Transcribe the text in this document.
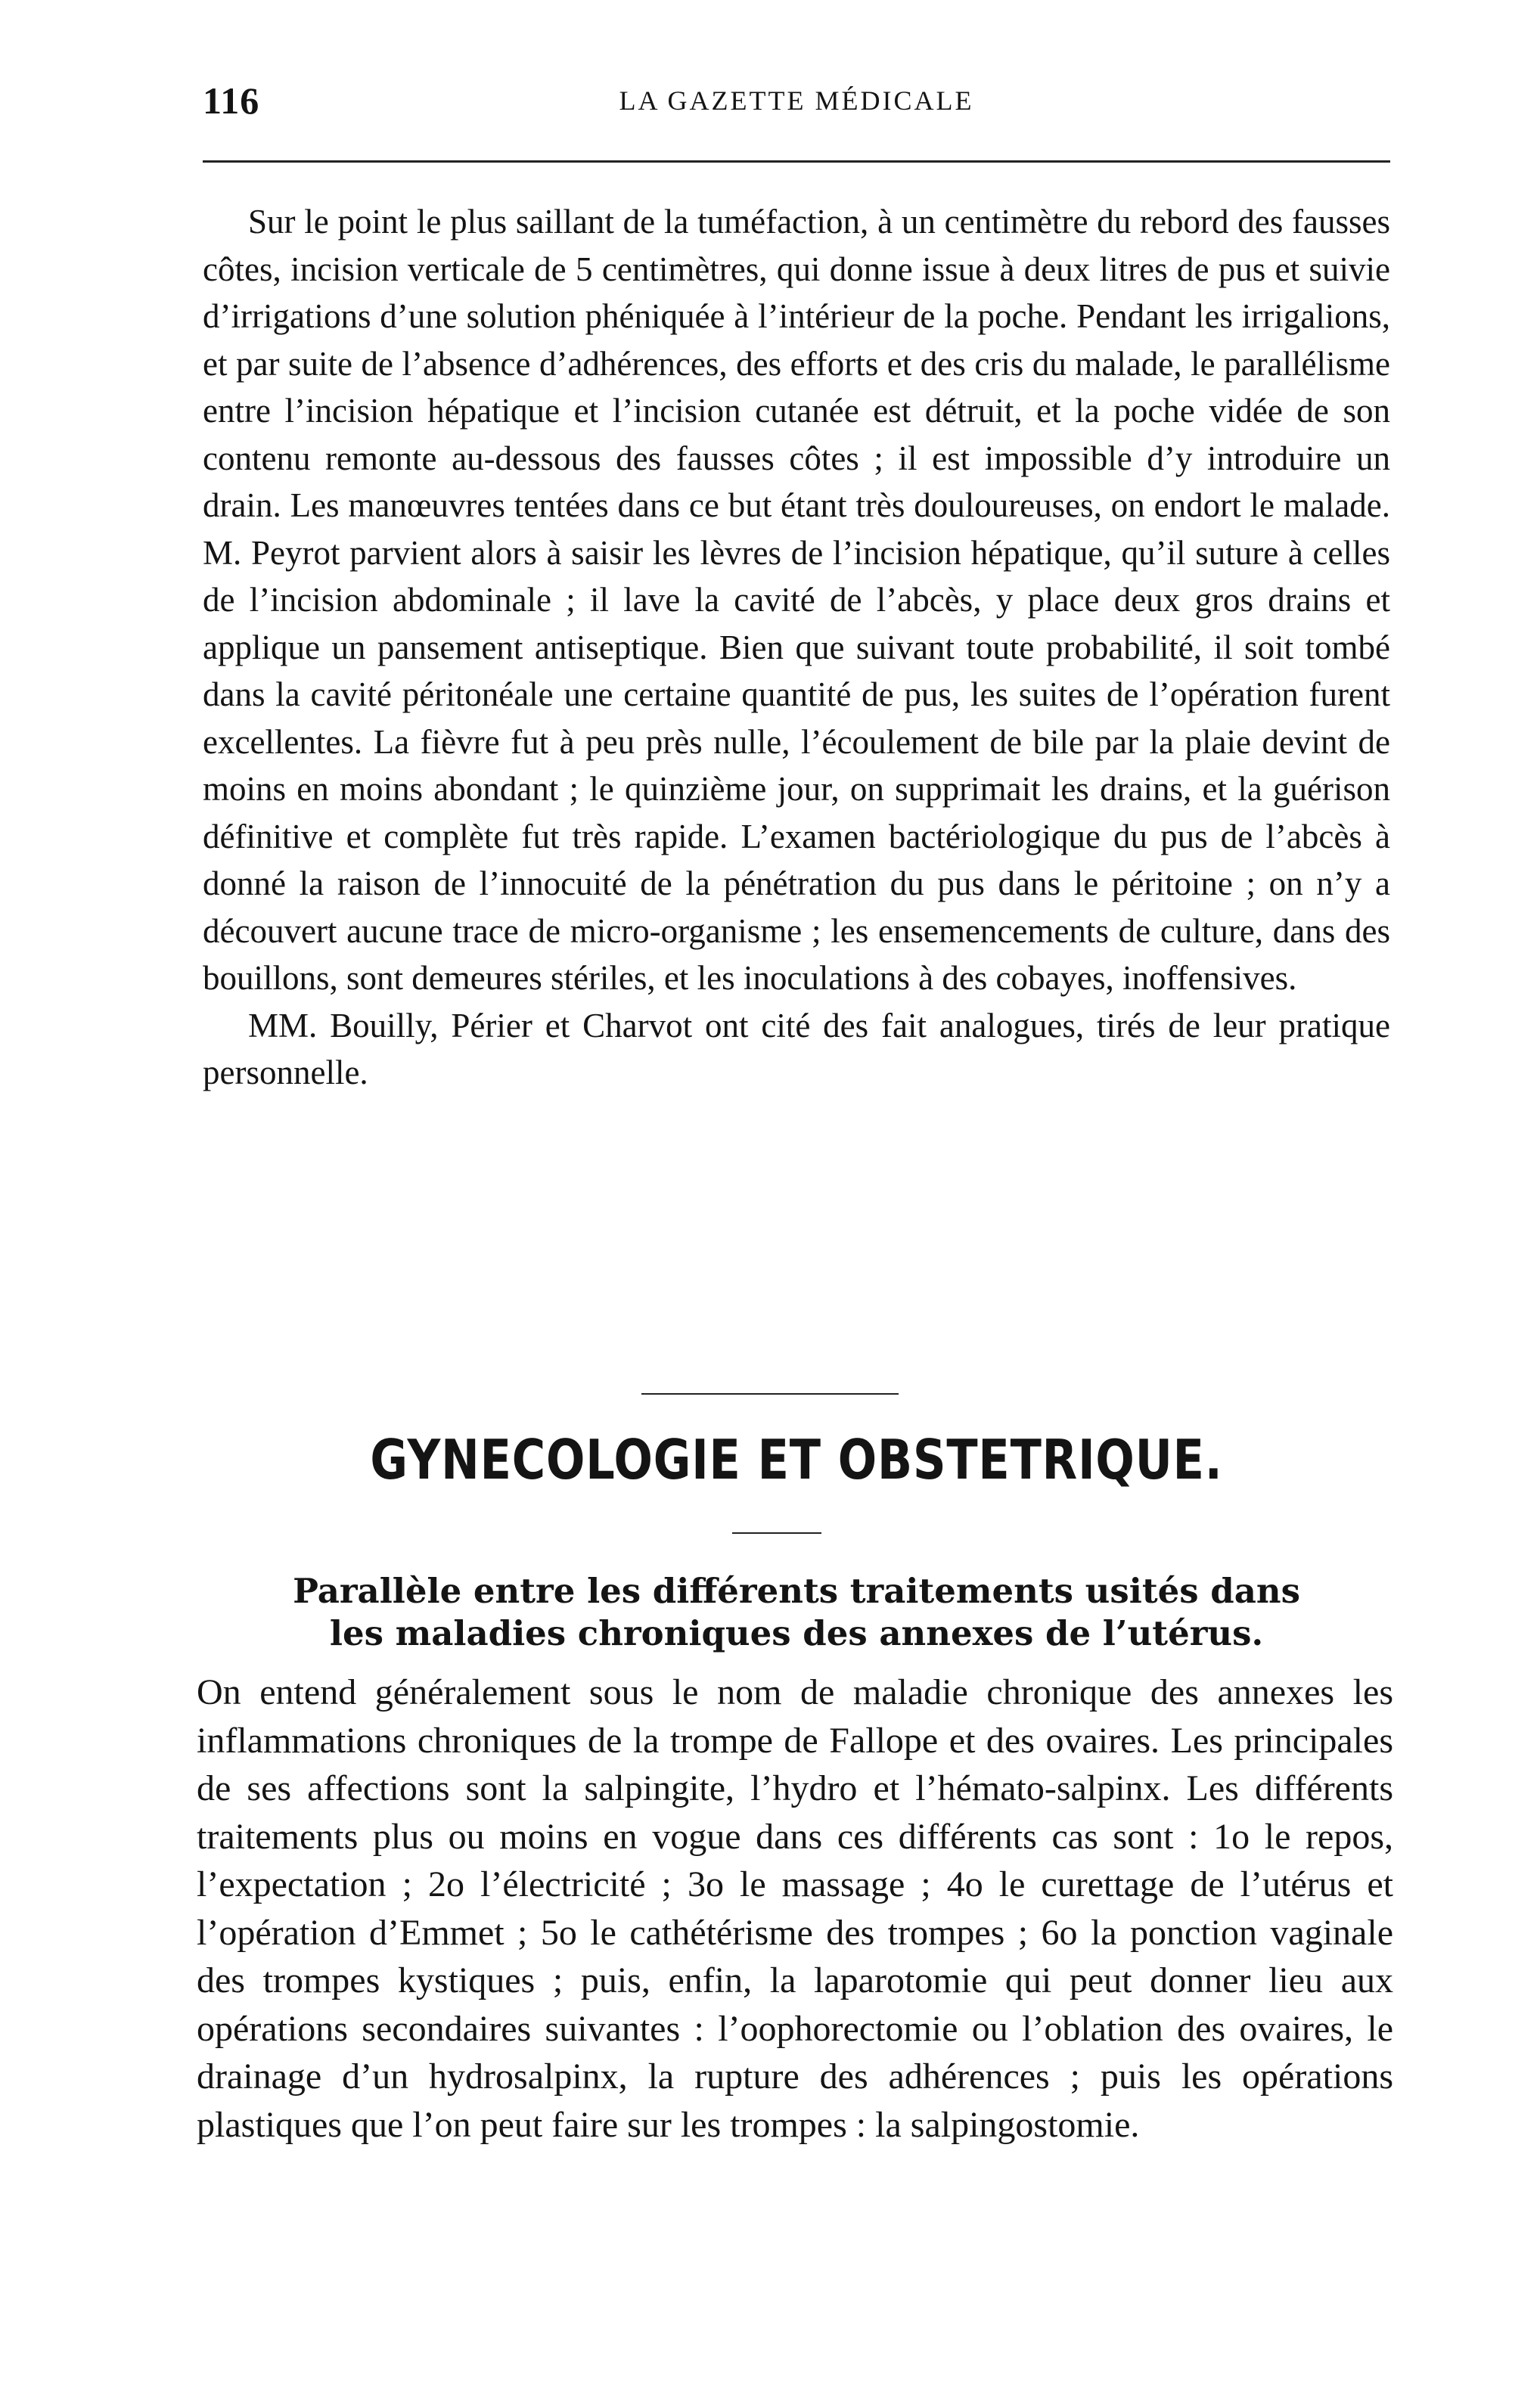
116	LA GAZETTE MÉDICALE

Sur le point le plus saillant de la tuméfaction, à un centimètre du rebord des fausses côtes, incision verticale de 5 centimètres, qui donne issue à deux litres de pus et suivie d’irrigations d’une solution phéniquée à l’intérieur de la poche. Pendant les irrigalions, et par suite de l’absence d’adhérences, des efforts et des cris du malade, le parallélisme entre l’incision hépatique et l’incision cutanée est détruit, et la poche vidée de son contenu remonte au-dessous des fausses côtes ; il est impossible d’y introduire un drain. Les manœuvres tentées dans ce but étant très douloureuses, on endort le malade. M. Peyrot parvient alors à saisir les lèvres de l’incision hépatique, qu’il suture à celles de l’incision abdominale ; il lave la cavité de l’abcès, y place deux gros drains et applique un pansement antiseptique. Bien que suivant toute probabilité, il soit tombé dans la cavité péritonéale une certaine quantité de pus, les suites de l’opération furent excellentes. La fièvre fut à peu près nulle, l’écoulement de bile par la plaie devint de moins en moins abondant ; le quinzième jour, on supprimait les drains, et la guérison définitive et complète fut très rapide. L’examen bactériologique du pus de l’abcès à donné la raison de l’innocuité de la pénétration du pus dans le péritoine ; on n’y a découvert aucune trace de micro-organisme ; les ensemencements de culture, dans des bouillons, sont demeures stériles, et les inoculations à des cobayes, inoffensives.

MM. Bouilly, Périer et Charvot ont cité des fait analogues, tirés de leur pratique personnelle.

GYNECOLOGIE ET OBSTETRIQUE.
Parallèle entre les différents traitements usités dans
les maladies chroniques des annexes de l’utérus.

On entend généralement sous le nom de maladie chronique des annexes les inflammations chroniques de la trompe de Fallope et des ovaires. Les principales de ses affections sont la salpingite, l’hydro et l’hémato-salpinx. Les différents traitements plus ou moins en vogue dans ces différents cas sont : 1o le repos, l’expectation ; 2o l’électricité ; 3o le massage ; 4o le curettage de l’utérus et l’opération d’Emmet ; 5o le cathétérisme des trompes ; 6o la ponction vaginale des trompes kystiques ; puis, enfin, la laparotomie qui peut donner lieu aux opérations secondaires suivantes : l’oophorectomie ou l’oblation des ovaires, le drainage d’un hydrosalpinx, la rupture des adhérences ; puis les opérations plastiques que l’on peut faire sur les trompes : la salpingostomie.
